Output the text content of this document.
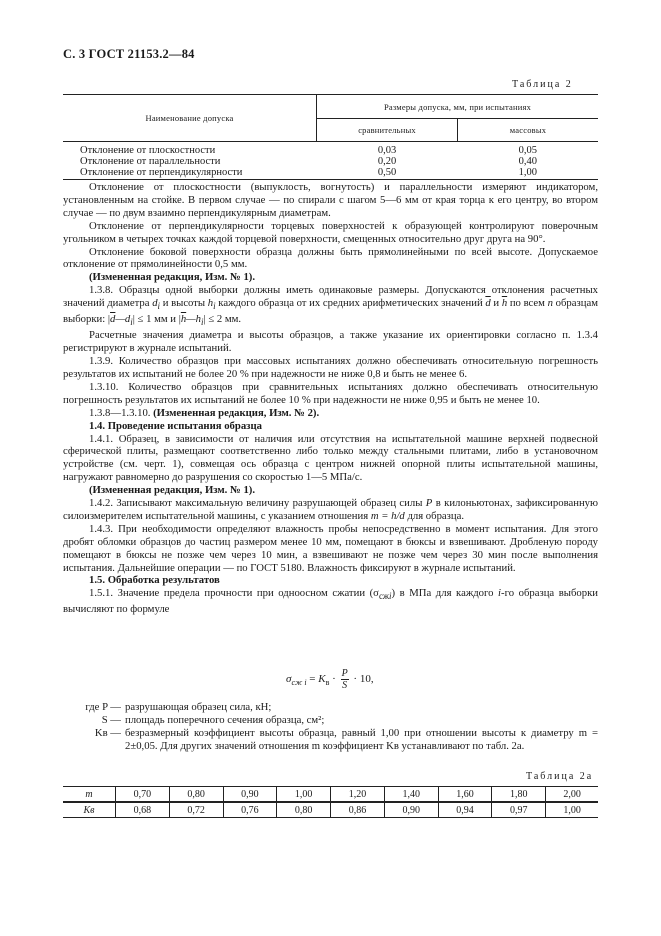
С. 3 ГОСТ 21153.2—84
Таблица 2
Наименование допуска	Размеры допуска, мм, при испытаниях	
	сравнительных	массовых
Отклонение от плоскостности	0,03	0,05
Отклонение от параллельности	0,20	0,40
Отклонение от перпендикулярности	0,50	1,00

Отклонение от плоскостности (выпуклость, вогнутость) и параллельности измеряют индикатором, установленным на стойке. В первом случае — по спирали с шагом 5—6 мм от края торца к его центру, во втором случае — по двум взаимно перпендикулярным диаметрам.

Отклонение от перпендикулярности торцевых поверхностей к образующей контролируют поверочным угольником в четырех точках каждой торцевой поверхности, смещенных относительно друг друга на 90°.

Отклонение боковой поверхности образца должны быть прямолинейными по всей высоте. Допускаемое отклонение от прямолинейности 0,5 мм.

(Измененная редакция, Изм. № 1).

1.3.8. Образцы одной выборки должны иметь одинаковые размеры. Допускаются отклонения расчетных значений диаметра $d_i$ и высоты $h_i$ каждого образца от их средних арифметических значений $\overline{d}$ и $\overline{h}$ по всем n образцам выборки: $|\overline{d}—d_i| \le 1$ мм и $|\overline{h}—h_i| \le 2$ мм.

Расчетные значения диаметра и высоты образцов, а также указание их ориентировки согласно п. 1.3.4 регистрируют в журнале испытаний.

1.3.9. Количество образцов при массовых испытаниях должно обеспечивать относительную погрешность результатов их испытаний не более 20 % при надежности не ниже 0,8 и быть не менее 6.

1.3.10. Количество образцов при сравнительных испытаниях должно обеспечивать относительную погрешность результатов их испытаний не более 10 % при надежности не ниже 0,95 и быть не менее 10.

1.3.8—1.3.10. (Измененная редакция, Изм. № 2).

1.4. Проведение испытания образца

1.4.1. Образец, в зависимости от наличия или отсутствия на испытательной машине верхней подвесной сферической плиты, размещают соответственно либо только между стальными плитами, либо в установочном устройстве (см. черт. 1), совмещая ось образца с центром нижней опорной плиты испытательной машины, нагружают равномерно до разрушения со скоростью 1—5 МПа/с.

(Измененная редакция, Изм. № 1).

1.4.2. Записывают максимальную величину разрушающей образец силы P в килоньютонах, зафиксированную силоизмерителем испытательной машины, с указанием отношения m = h/d для образца.

1.4.3. При необходимости определяют влажность пробы непосредственно в момент испытания. Для этого дробят обломки образцов до частиц размером менее 10 мм, помещают в бюксы и взвешивают. Дробленую породу помещают в бюксы не позже чем через 10 мин, а взвешивают не позже чем через 30 мин после выполнения испытания. Дальнейшие операции — по ГОСТ 5180. Влажность фиксируют в журнале испытаний.

1.5. Обработка результатов

1.5.1. Значение предела прочности при одноосном сжатии $(\sigma_{сжi})$ в МПа для каждого i-го образца выборки вычисляют по формуле

$\sigma_{сж i} = K_в \cdot \frac{P}{S} \cdot 10$,
где P — разрушающая образец сила, кН;
S — площадь поперечного сечения образца, см²;
Kв — безразмерный коэффициент высоты образца, равный 1,00 при отношении высоты к диаметру m = 2±0,05. Для других значений отношения m коэффициент Kв устанавливают по табл. 2а.
Таблица 2а
m	0,70	0,80	0,90	1,00	1,20	1,40	1,60	1,80	2,00
Kв	0,68	0,72	0,76	0,80	0,86	0,90	0,94	0,97	1,00
